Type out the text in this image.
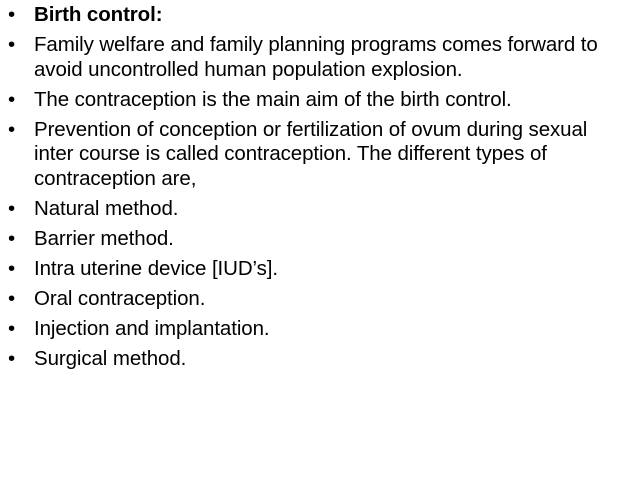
• Birth control:
• Family welfare and family planning programs comes forward to avoid uncontrolled human population explosion.
• The contraception is the main aim of the birth control.
• Prevention of conception or fertilization of ovum during sexual inter course is called contraception. The different types of contraception are,
• Natural method.
• Barrier method.
• Intra uterine device [IUD’s].
• Oral contraception.
• Injection and implantation.
• Surgical method.
